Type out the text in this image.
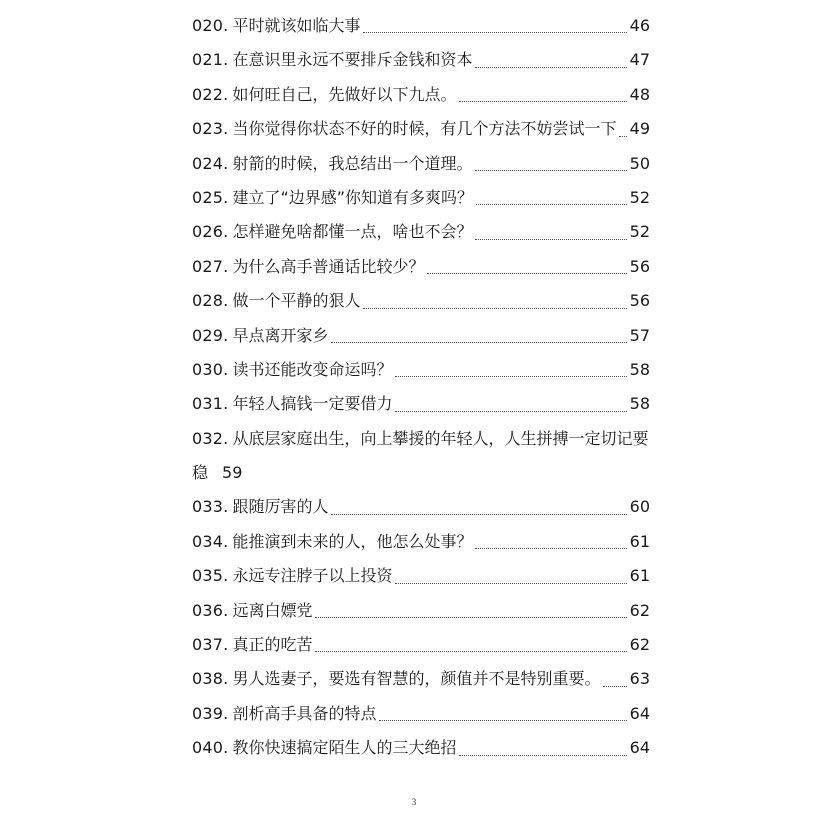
020. 平时就该如临大事	46
021. 在意识里永远不要排斥金钱和资本	47
022. 如何旺自己，先做好以下九点。	48
023. 当你觉得你状态不好的时候，有几个方法不妨尝试一下 49
024. 射箭的时候，我总结出一个道理。	50
025. 建立了“边界感”你知道有多爽吗？	52
026. 怎样避免啥都懂一点，啥也不会？	52
027. 为什么高手普通话比较少？	56
028. 做一个平静的狠人	56
029. 早点离开家乡	57
030. 读书还能改变命运吗？	58
031. 年轻人搞钱一定要借力	58
032. 从底层家庭出生，向上攀援的年轻人，人生拼搏一定切记要
稳 59
033. 跟随厉害的人	60
034. 能推演到未来的人，他怎么处事？	61
035. 永远专注脖子以上投资	61
036. 远离白嫖党	62
037. 真正的吃苦	62
038. 男人选妻子，要选有智慧的，颜值并不是特别重要。 63
039. 剖析高手具备的特点	64
040. 教你快速搞定陌生人的三大绝招	64
3
